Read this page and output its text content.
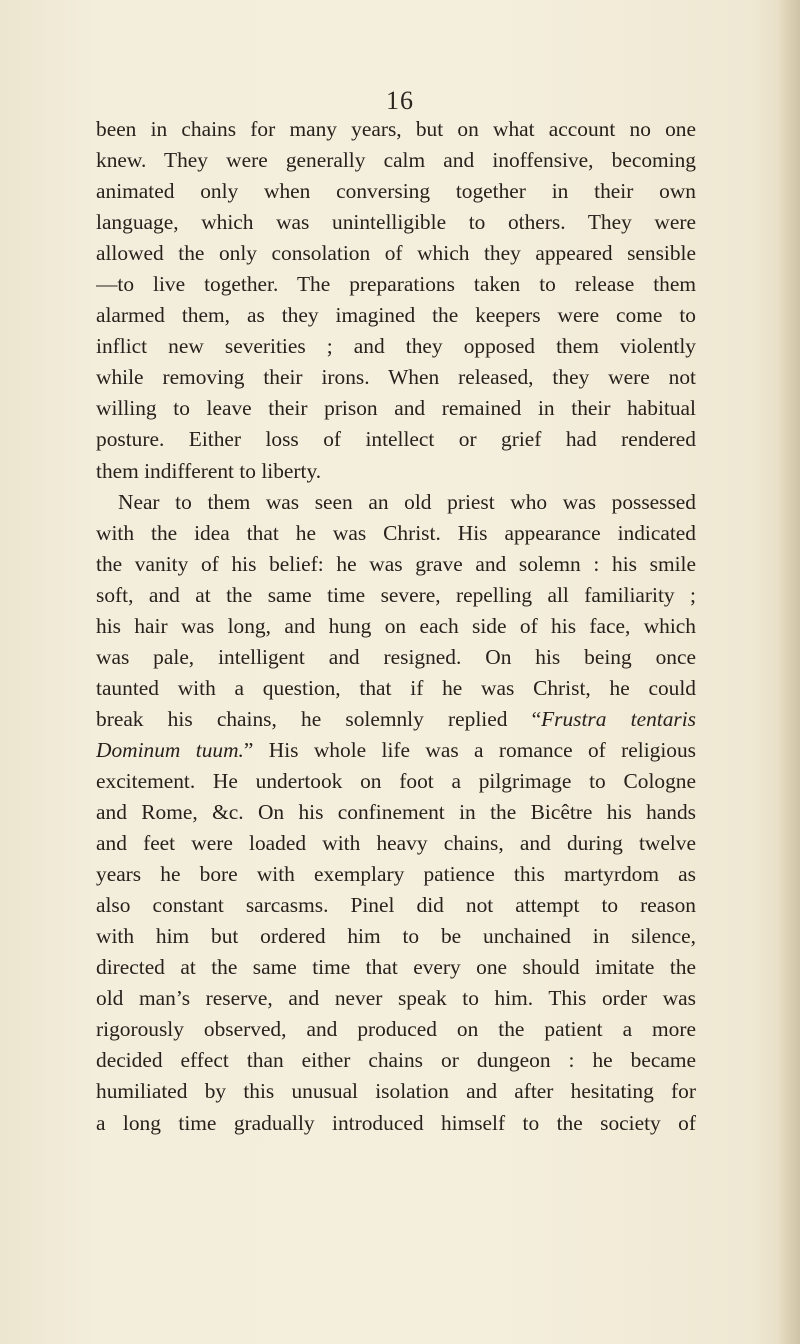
16
been in chains for many years, but on what account no one
knew. They were generally calm and inoffensive, becoming
animated only when conversing together in their own
language, which was unintelligible to others. They were
allowed the only consolation of which they appeared sensible
—to live together. The preparations taken to release them
alarmed them, as they imagined the keepers were come to
inflict new severities ; and they opposed them violently
while removing their irons. When released, they were not
willing to leave their prison and remained in their habitual
posture. Either loss of intellect or grief had rendered
them indifferent to liberty.
Near to them was seen an old priest who was possessed
with the idea that he was Christ. His appearance indicated
the vanity of his belief: he was grave and solemn : his smile
soft, and at the same time severe, repelling all familiarity ;
his hair was long, and hung on each side of his face, which
was pale, intelligent and resigned. On his being once
taunted with a question, that if he was Christ, he could
break his chains, he solemnly replied “Frustra tentaris
Dominum tuum.” His whole life was a romance of religious
excitement. He undertook on foot a pilgrimage to Cologne
and Rome, &c. On his confinement in the Bicêtre his hands
and feet were loaded with heavy chains, and during twelve
years he bore with exemplary patience this martyrdom as
also constant sarcasms. Pinel did not attempt to reason
with him but ordered him to be unchained in silence,
directed at the same time that every one should imitate the
old man’s reserve, and never speak to him. This order was
rigorously observed, and produced on the patient a more
decided effect than either chains or dungeon : he became
humiliated by this unusual isolation and after hesitating for
a long time gradually introduced himself to the society of
